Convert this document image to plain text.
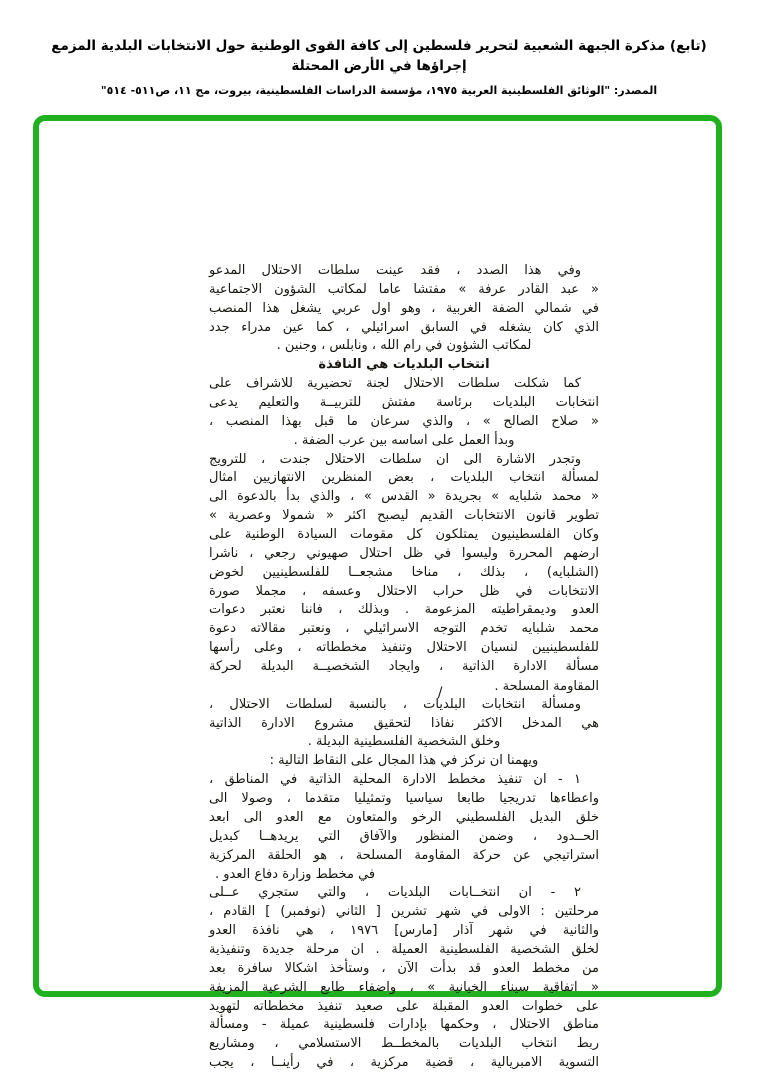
(تابع) مذكرة الجبهة الشعبية لتحرير فلسطين إلى كافة القوى الوطنية حول الانتخابات البلدية المزمع إجراؤها في الأرض المحتلة
المصدر: "الوثائق الفلسطينية العربية ١٩٧٥، مؤسسة الدراسات الفلسطينية، بيروت، مج ١١، ص٥١١- ٥١٤"
وفي هذا الصدد ، فقد عينت سلطات الاحتلال المدعو
« عبد القادر عرفة » مفتشا عاما لمكاتب الشؤون الاجتماعية
في شمالي الضفة الغربية ، وهو اول عربي يشغل هذا المنصب
الذي كان يشغله في السابق اسرائيلي ، كما عين مدراء جدد
لمكاتب الشؤون في رام الله ، ونابلس ، وجنين .
انتخاب البلديات هي النافذة
كما شكلت سلطات الاحتلال لجنة تحضيرية للاشراف على
انتخابات البلديات برئاسة مفتش للتربيــة والتعليم يدعى
« صلاح الصالح » ، والذي سرعان ما قبل بهذا المنصب ،
وبدأ العمل على اساسه بين عرب الضفة .
وتجدر الاشارة الى ان سلطات الاحتلال جندت ، للترويج
لمسألة انتخاب البلديات ، بعض المنظرين الانتهازيين امثال
« محمد شلبايه » بجريدة « القدس » ، والذي بدأ بالدعوة الى
تطوير قانون الانتخابات القديم ليصبح اكثر « شمولا وعصرية »
وكان الفلسطينيون يمتلكون كل مقومات السيادة الوطنية على
ارضهم المحررة وليسوا في ظل احتلال صهيوني رجعي ، ناشرا
(الشلبايه) ، بذلك ، مناخا مشجعــا للفلسطينيين لخوض
الانتخابات في ظل حراب الاحتلال وعسفه ، مجملا صورة
العدو وديمقراطيته المزعومة . وبذلك ، فاننا نعتبر دعوات
محمد شلبايه تخدم التوجه الاسرائيلي ، ونعتبر مقالاته دعوة
للفلسطينيين لنسيان الاحتلال وتنفيذ مخططاته ، وعلى رأسها
مسألة الادارة الذاتية ، وايجاد الشخصيــة البديلة لحركة
المقاومة المسلحة ./
ومسألة انتخابات البلديات ، بالنسبة لسلطات الاحتلال ،
هي المدخل الاكثر نفاذا لتحقيق مشروع الادارة الذاتية
وخلق الشخصية الفلسطينية البديلة .
ويهمنا ان نركز في هذا المجال على النقاط التالية :
١ - ان تنفيذ مخطط الادارة المحلية الذاتية في المناطق ،
واعطاءها تدريجيا طابعا سياسيا وتمثيليا متقدما ، وصولا الى
خلق البديل الفلسطيني الرخو والمتعاون مع العدو الى ابعد
الحــدود ، وضمن المنظور والآفاق التي يريدهــا كبديل
استراتيجي عن حركة المقاومة المسلحة ، هو الحلقة المركزية
في مخطط وزارة دفاع العدو .
٢ - ان انتخــابات البلديات ، والتي ستجري عــلى
مرحلتين : الاولى في شهر تشرين [ الثاني (نوفمبر) ] القادم ،
والثانية في شهر آذار [مارس] ١٩٧٦ ، هي نافذة العدو
لخلق الشخصية الفلسطينية العميلة . ان مرحلة جديدة وتنفيذية
من مخطط العدو قد بدأت الآن ، وستأخذ اشكالا سافرة بعد
« اتفاقية سيناء الخيانية » ، واضفاء طابع الشرعية المزيفة
على خطوات العدو المقبلة على صعيد تنفيذ مخططاته لتهويد
مناطق الاحتلال ، وحكمها بإدارات فلسطينية عميلة - ومسألة
ربط انتخاب البلديات بالمخطــط الاستسلامي ، ومشاريع
التسوية الامبريالية ، قضية مركزية ، في رأينــا ، يجب
